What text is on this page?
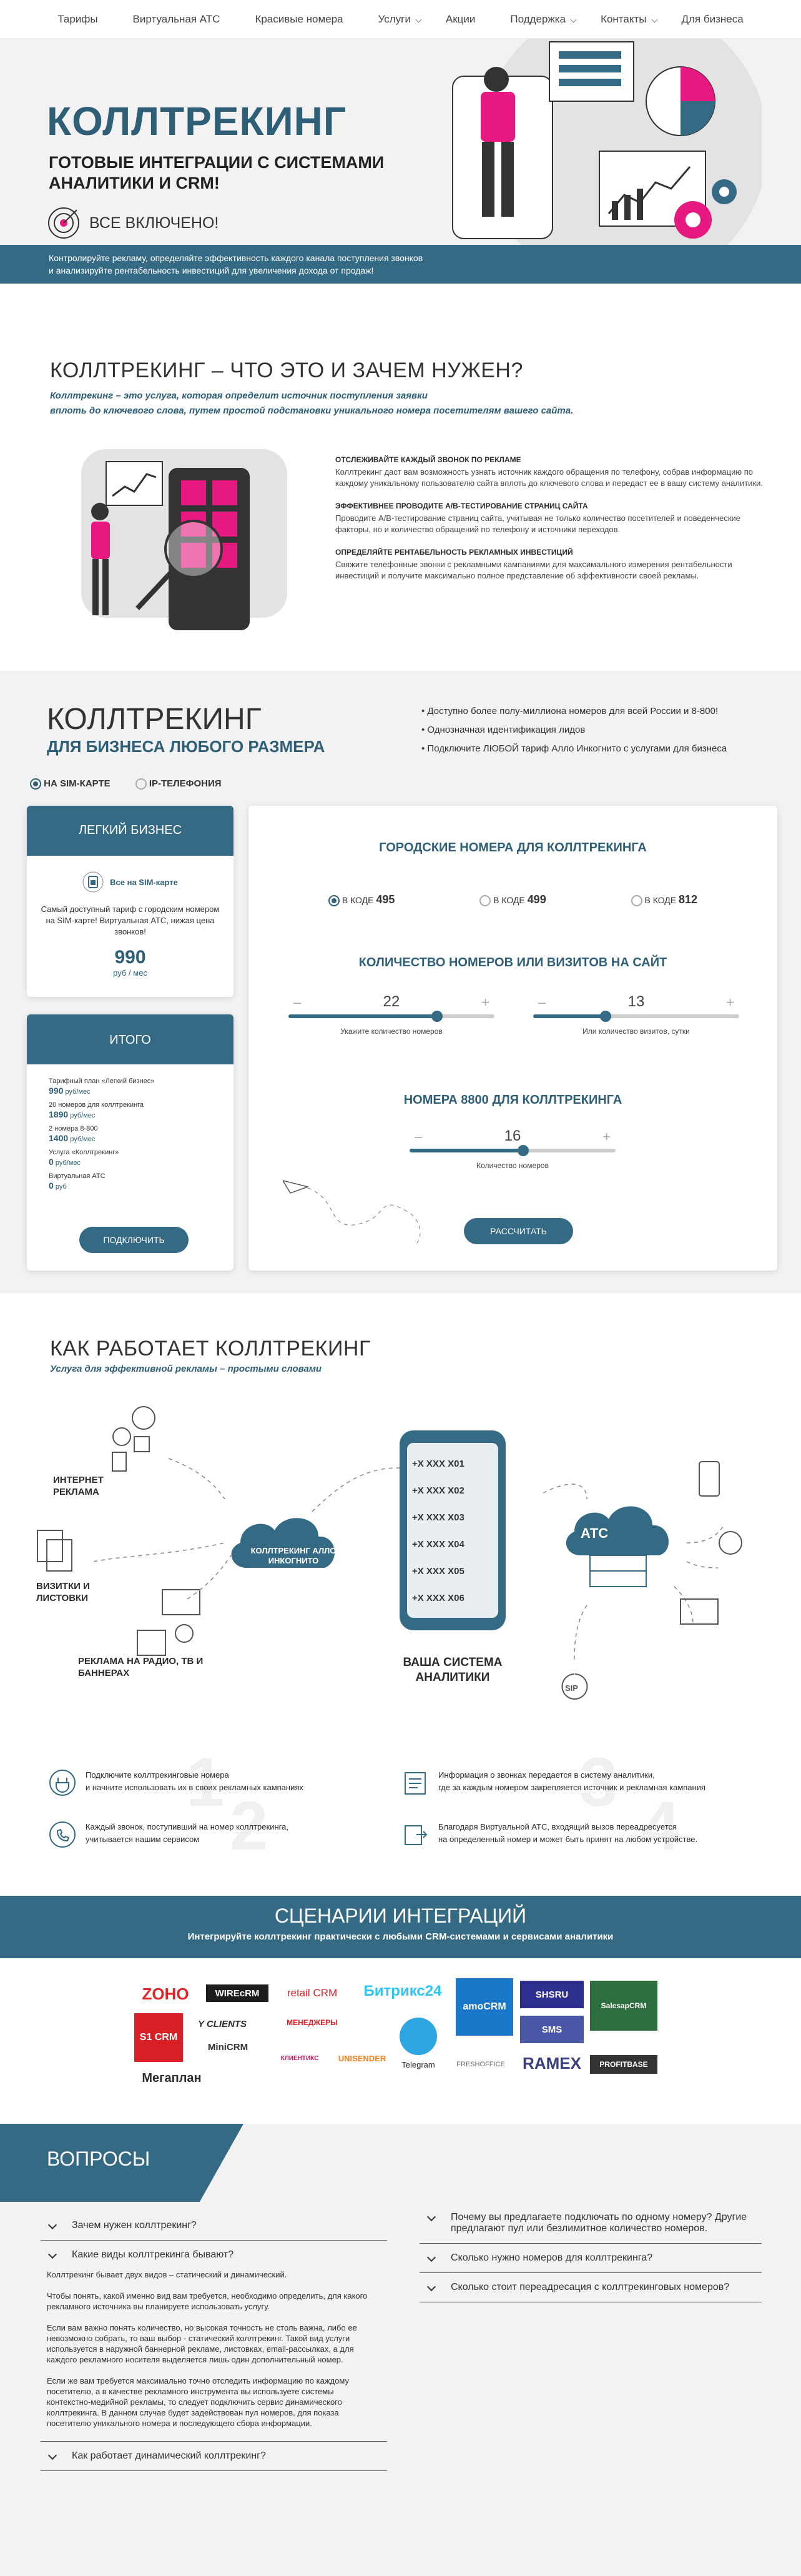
Тарифы	Виртуальная АТС	Красивые номера	Услуги	Акции	Поддержка	Контакты	Для бизнеса
КОЛЛТРЕКИНГ
ГОТОВЫЕ ИНТЕГРАЦИИ С СИСТЕМАМИ АНАЛИТИКИ И CRM!
ВСЕ ВКЛЮЧЕНО!
Контролируйте рекламу, определяйте эффективность каждого канала поступления звонков
и анализируйте рентабельность инвестиций для увеличения дохода от продаж!
КОЛЛТРЕКИНГ – ЧТО ЭТО И ЗАЧЕМ НУЖЕН?
Коллтрекинг – это услуга, которая определит источник поступления заявки
вплоть до ключевого слова, путем простой подстановки уникального номера посетителям вашего сайта.
ОТСЛЕЖИВАЙТЕ КАЖДЫЙ ЗВОНОК ПО РЕКЛАМЕ
Коллтрекинг даст вам возможность узнать источник каждого обращения по телефону, собрав информацию по каждому уникальному пользователю сайта вплоть до ключевого слова и передаст ее в вашу систему аналитики.
ЭФФЕКТИВНЕЕ ПРОВОДИТЕ A/B-ТЕСТИРОВАНИЕ СТРАНИЦ САЙТА
Проводите A/B-тестирование страниц сайта, учитывая не только количество посетителей и поведенческие факторы, но и количество обращений по телефону и источники переходов.
ОПРЕДЕЛЯЙТЕ РЕНТАБЕЛЬНОСТЬ РЕКЛАМНЫХ ИНВЕСТИЦИЙ
Свяжите телефонные звонки с рекламными кампаниями для максимального измерения рентабельности инвестиций и получите максимально полное представление об эффективности своей рекламы.
КОЛЛТРЕКИНГ
ДЛЯ БИЗНЕСА ЛЮБОГО РАЗМЕРА
• Доступно более полу-миллиона номеров для всей России и 8-800!
• Однозначная идентификация лидов
• Подключите ЛЮБОЙ тариф Алло Инкогнито с услугами для бизнеса
НА SIM-КАРТЕ	IP-ТЕЛЕФОНИЯ
ЛЕГКИЙ БИЗНЕС
Все на SIM-карте
Самый доступный тариф с городским номером на SIM-карте! Виртуальная АТС, нижая цена звонков!
990
руб / мес
ИТОГО
Тарифный план «Легкий бизнес»
990 руб/мес
20 номеров для коллтрекинга
1890 руб/мес
2 номера 8-800
1400 руб/мес
Услуга «Коллтрекинг»
0 руб/мес
Виртуальная АТС
0 руб
ПОДКЛЮЧИТЬ
ГОРОДСКИЕ НОМЕРА ДЛЯ КОЛЛТРЕКИНГА
В КОДЕ 495	В КОДЕ 499	В КОДЕ 812
КОЛИЧЕСТВО НОМЕРОВ ИЛИ ВИЗИТОВ НА САЙТ
–	22	+
Укажите количество номеров
–	13	+
Или количество визитов, сутки
НОМЕРА 8800 ДЛЯ КОЛЛТРЕКИНГА
–	16	+
Количество номеров
РАССЧИТАТЬ
КАК РАБОТАЕТ КОЛЛТРЕКИНГ
Услуга для эффективной рекламы – простыми словами
ИНТЕРНЕТ РЕКЛАМА
ВИЗИТКИ И ЛИСТОВКИ
РЕКЛАМА НА РАДИО, ТВ И БАННЕРАХ
КОЛЛТРЕКИНГ АЛЛО ИНКОГНИТО
+X XXX X01
+X XXX X02
+X XXX X03
+X XXX X04
+X XXX X05
+X XXX X06
ВАША СИСТЕМА АНАЛИТИКИ
АТС
SIP
1
2
3
4
Подключите коллтрекинговые номера
и начните использовать их в своих рекламных кампаниях
Каждый звонок, поступивший на номер коллтрекинга,
учитывается нашим сервисом
Информация о звонках передается в систему аналитики,
где за каждым номером закрепляется источник и рекламная кампания
Благодаря Виртуальной АТС, входящий вызов переадресуется
на определенный номер и может быть принят на любом устройстве.
СЦЕНАРИИ ИНТЕГРАЦИЙ
Интегрируйте коллтрекинг практически с любыми CRM-системами и сервисами аналитики
ZOHO	WIREcRM	retail CRM	Битрикс24
amoCRM
SHSRU
SalesapCRM
S1 CRM
Y CLIENTS	МЕНЕДЖЕРЫ
КЛИЕНТИКС	UNISENDER
Telegram	FRESHOFFICE	RAMEX
SMS
PROFITBASE
Мегаплан
MiniCRM
ВОПРОСЫ
Зачем нужен коллтрекинг?
Какие виды коллтрекинга бывают?

Коллтрекинг бывает двух видов – статический и динамический.

Чтобы понять, какой именно вид вам требуется, необходимо определить, для какого рекламного источника вы планируете использовать услугу.

Если вам важно понять количество, но высокая точность не столь важна, либо ее невозможно собрать, то ваш выбор - статический коллтрекинг. Такой вид услуги используется в наружной баннерной рекламе, листовках, email-рассылках, а для каждого рекламного носителя выделяется лишь один дополнительный номер.

Если же вам требуется максимально точно отследить информацию по каждому посетителю, а в качестве рекламного инструмента вы используете системы контекстно-медийной рекламы, то следует подключить сервис динамического коллтрекинга. В данном случае будет задействован пул номеров, для показа посетителю уникального номера и последующего сбора информации.

Как работает динамический коллтрекинг?
Почему вы предлагаете подключать по одному номеру? Другие предлагают пул или безлимитное количество номеров.
Сколько нужно номеров для коллтрекинга?
Сколько стоит переадресация с коллтрекинговых номеров?
